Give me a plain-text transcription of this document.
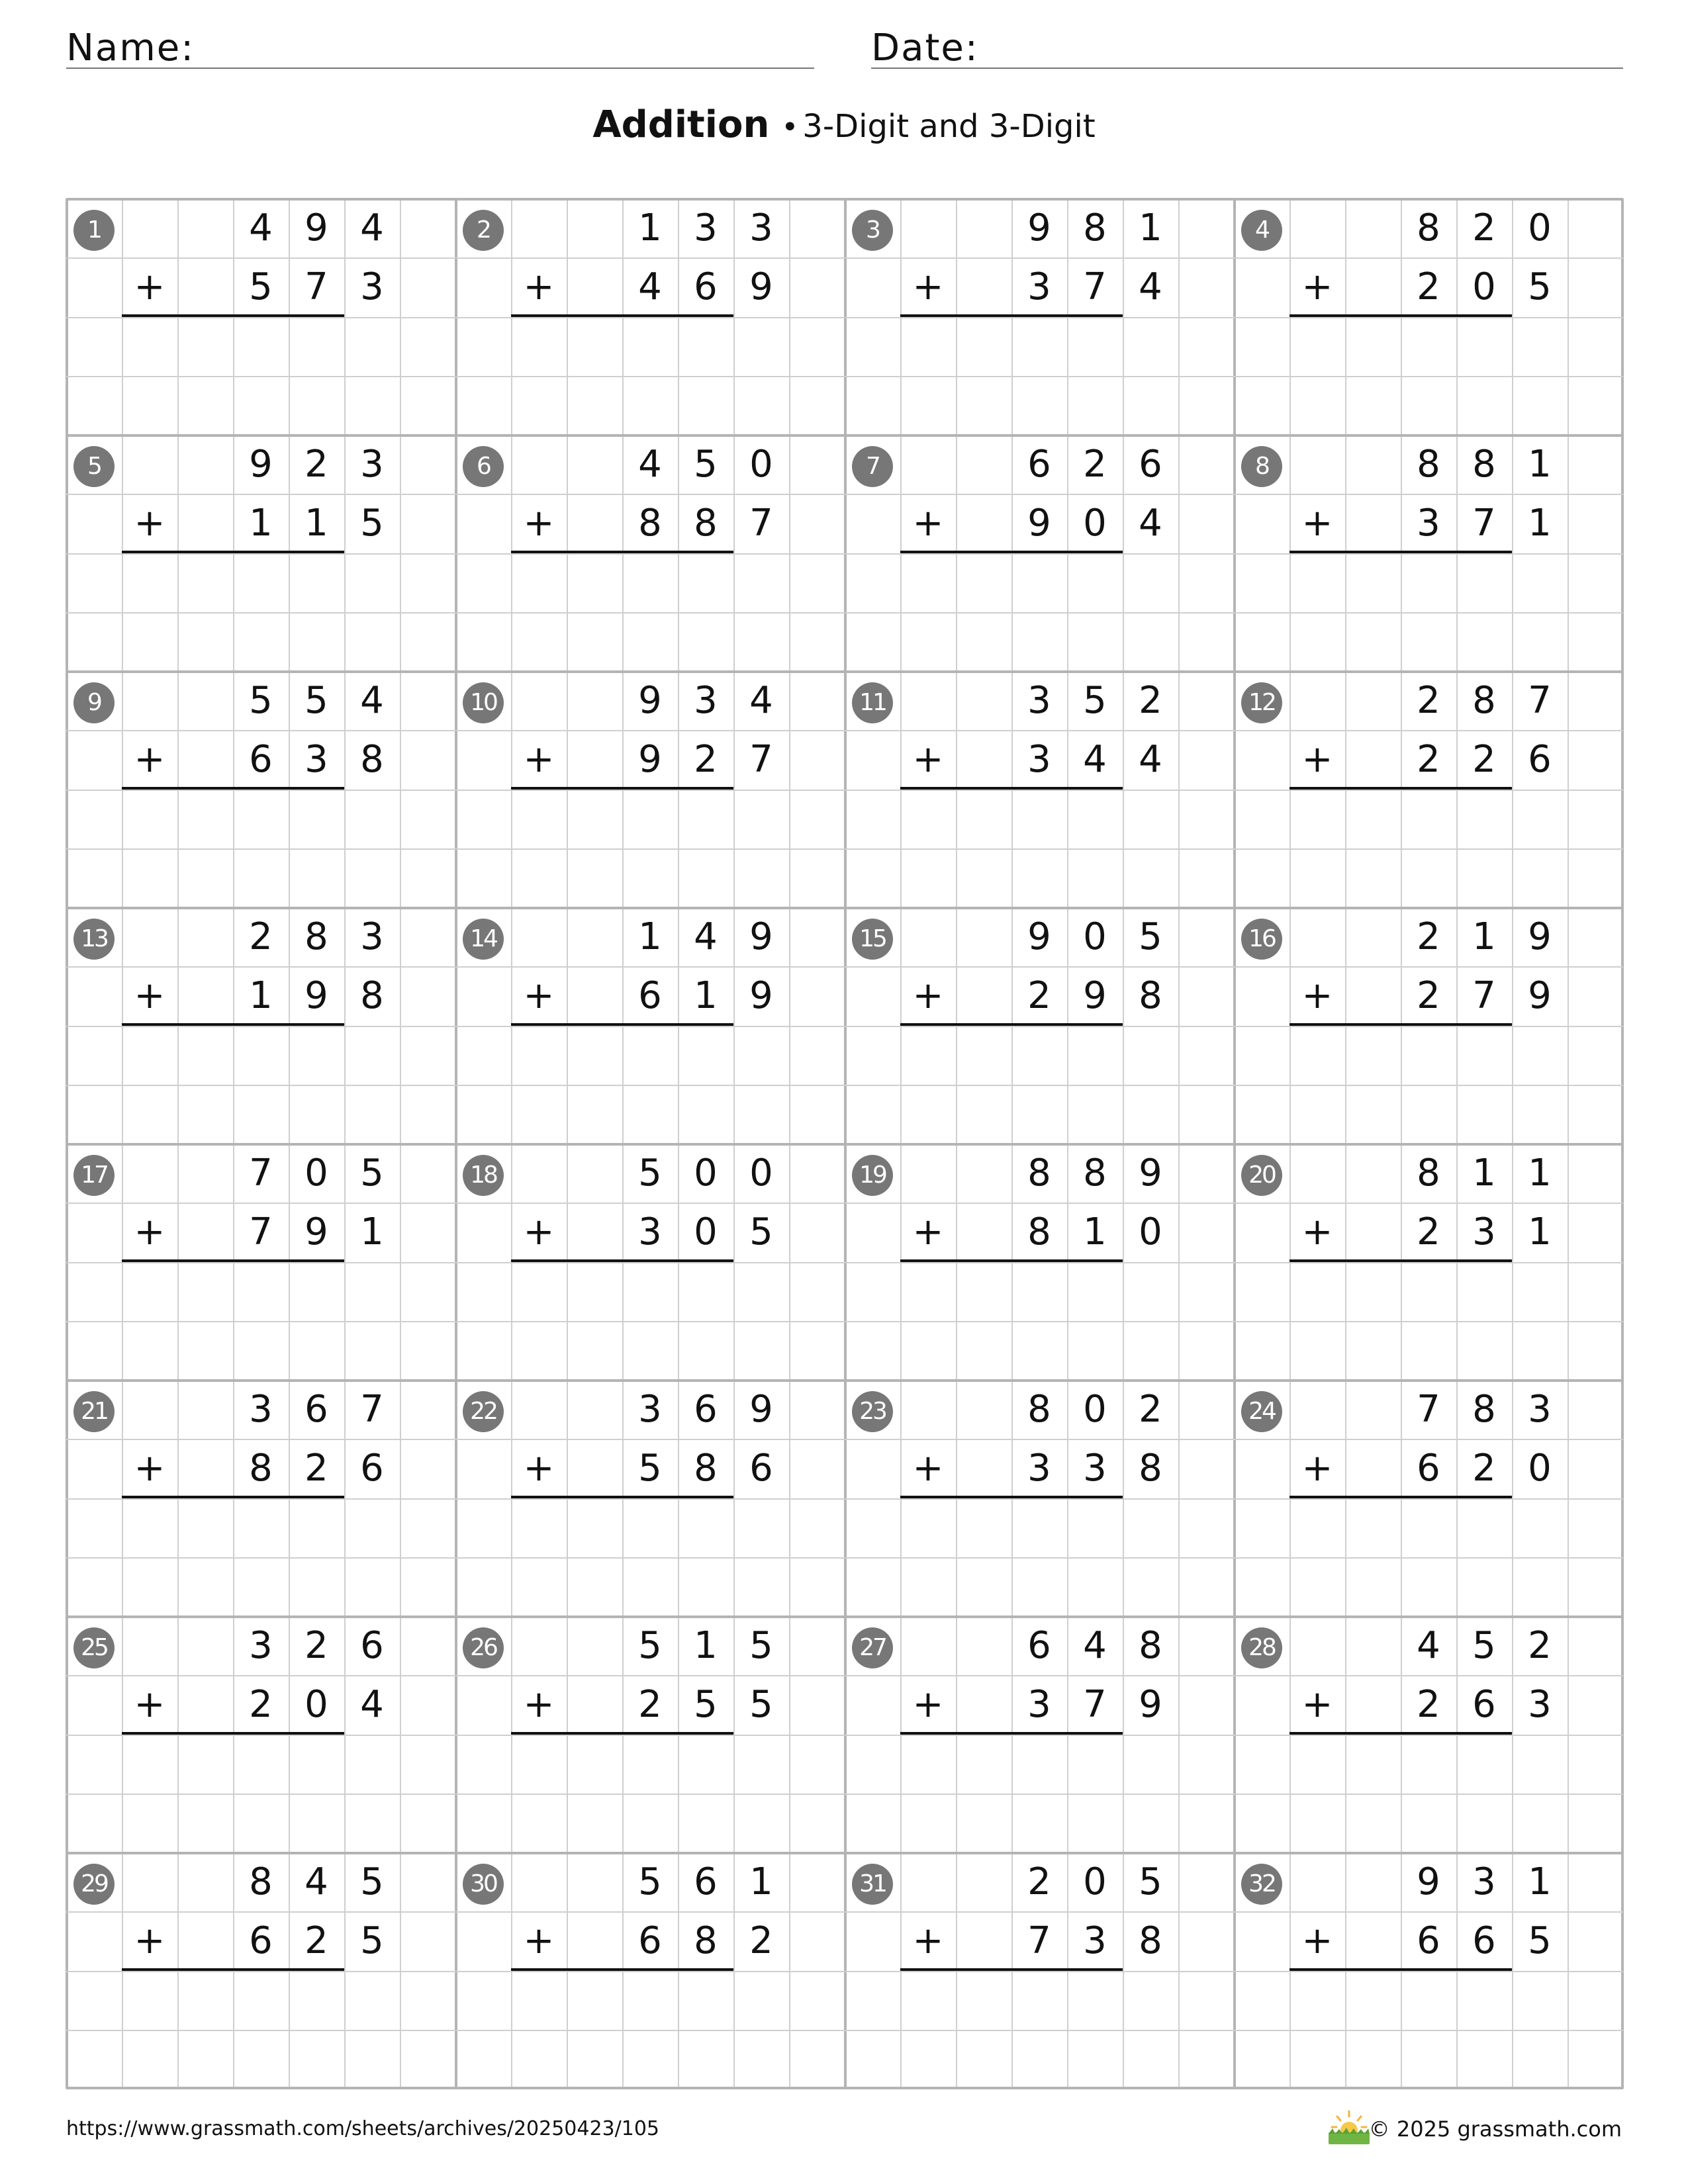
Name:	Date:
Addition • 3-Digit and 3-Digit
1	4 9 4
5 7 3
+
2	1 3 3
4 6 9
+
3	9 8 1
3 7 4
+
4	8 2 0
2 0 5
+
5	9 2 3
1 1 5
+
6	4 5 0
8 8 7
+
7	6 2 6
9 0 4
+
8	8 8 1
3 7 1
+
9	5 5 4
6 3 8
+
10	9 3 4
9 2 7
+
11	3 5 2
3 4 4
+
12	2 8 7
2 2 6
+
13	2 8 3
1 9 8
+
14	1 4 9
6 1 9
+
15	9 0 5
2 9 8
+
16	2 1 9
2 7 9
+
17	7 0 5
7 9 1
+
18	5 0 0
3 0 5
+
19	8 8 9
8 1 0
+
20	8 1 1
2 3 1
+
21	3 6 7
8 2 6
+
22	3 6 9
5 8 6
+
23	8 0 2
3 3 8
+
24	7 8 3
6 2 0
+
25	3 2 6
2 0 4
+
26	5 1 5
2 5 5
+
27	6 4 8
3 7 9
+
28	4 5 2
2 6 3
+
29	8 4 5
6 2 5
+
30	5 6 1
6 8 2
+
31	2 0 5
7 3 8
+
32	9 3 1
6 6 5
+
https://www.grassmath.com/sheets/archives/20250423/105	© 2025 grassmath.com
